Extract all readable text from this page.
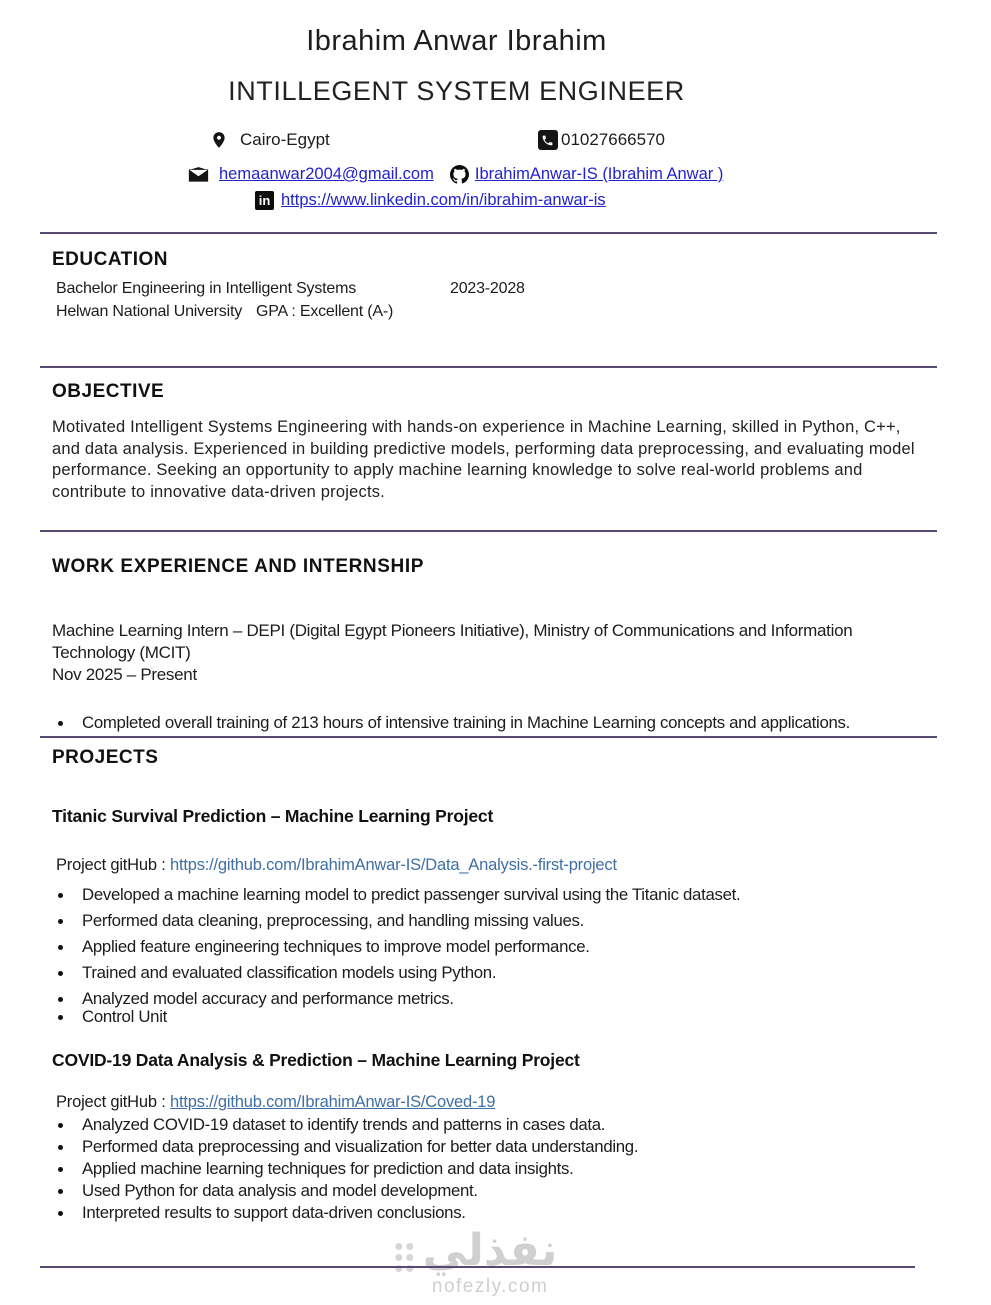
Ibrahim Anwar Ibrahim
INTILLEGENT SYSTEM ENGINEER
Cairo-Egypt	01027666570
hemaanwar2004@gmail.com IbrahimAnwar-IS (Ibrahim Anwar )
in https://www.linkedin.com/in/ibrahim-anwar-is
EDUCATION
Bachelor Engineering in Intelligent Systems	2023-2028
Helwan National University GPA : Excellent (A-)
OBJECTIVE

Motivated Intelligent Systems Engineering with hands-on experience in Machine Learning, skilled in Python, C++, and data analysis. Experienced in building predictive models, performing data preprocessing, and evaluating model performance. Seeking an opportunity to apply machine learning knowledge to solve real-world problems and contribute to innovative data-driven projects.

WORK EXPERIENCE AND INTERNSHIP

Machine Learning Intern – DEPI (Digital Egypt Pioneers Initiative), Ministry of Communications and Information Technology (MCIT)

Nov 2025 – Present
Completed overall training of 213 hours of intensive training in Machine Learning concepts and applications.
PROJECTS
Titanic Survival Prediction – Machine Learning Project
Project gitHub : https://github.com/IbrahimAnwar-IS/Data_Analysis.-first-project
Developed a machine learning model to predict passenger survival using the Titanic dataset.
Performed data cleaning, preprocessing, and handling missing values.
Applied feature engineering techniques to improve model performance.
Trained and evaluated classification models using Python.
Analyzed model accuracy and performance metrics.
Control Unit
COVID-19 Data Analysis & Prediction – Machine Learning Project
Project gitHub : https://github.com/IbrahimAnwar-IS/Coved-19
Analyzed COVID-19 dataset to identify trends and patterns in cases data.
Performed data preprocessing and visualization for better data understanding.
Applied machine learning techniques for prediction and data insights.
Used Python for data analysis and model development.
Interpreted results to support data-driven conclusions.
نفذلي
nofezly.com
